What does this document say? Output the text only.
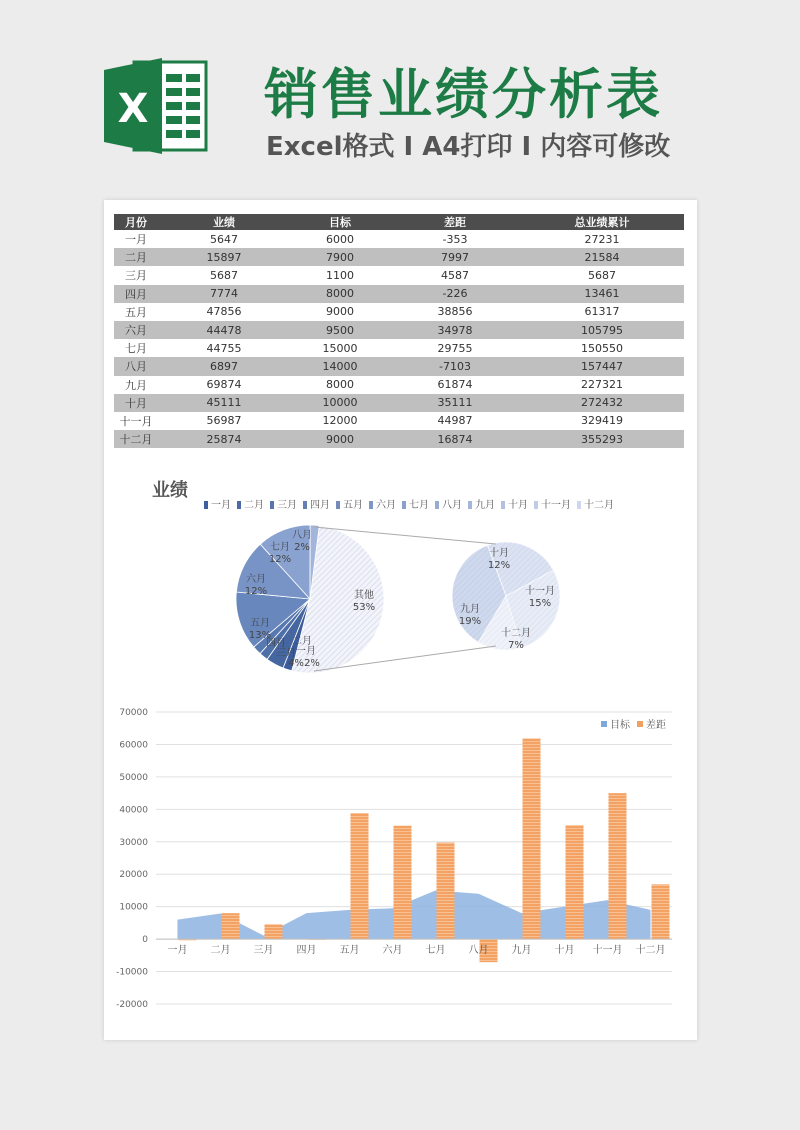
X 销售业绩分析表
Excel格式 Ⅰ A4打印 Ⅰ 内容可修改
月份	业绩	目标	差距	总业绩累计
一月	5647	6000	-353	27231
二月	15897	7900	7997	21584
三月	5687	1100	4587	5687
四月	7774	8000	-226	13461
五月	47856	9000	38856	61317
六月	44478	9500	34978	105795
七月	44755	15000	29755	150550
八月	6897	14000	-7103	157447
九月	69874	8000	61874	227321
十月	45111	10000	35111	272432
十一月	56987	12000	44987	329419
十二月	25874	9000	16874	355293
业绩
一月 二月 三月 四月 五月 六月 七月 八月 九月 十月 十一月 十二月
其他
53%
七月
12%
八月
2%
六月
12%
五月
13%
四月
三月
4%
一月
二月
2%
十月
12%
十一月
15%
九月
19%
十二月
7%
70000
60000
50000
40000
30000
20000
10000
0
-10000
-20000
一月 二月 三月 四月 五月 六月 七月 八月 九月 十月 十一月 十二月
目标 差距
